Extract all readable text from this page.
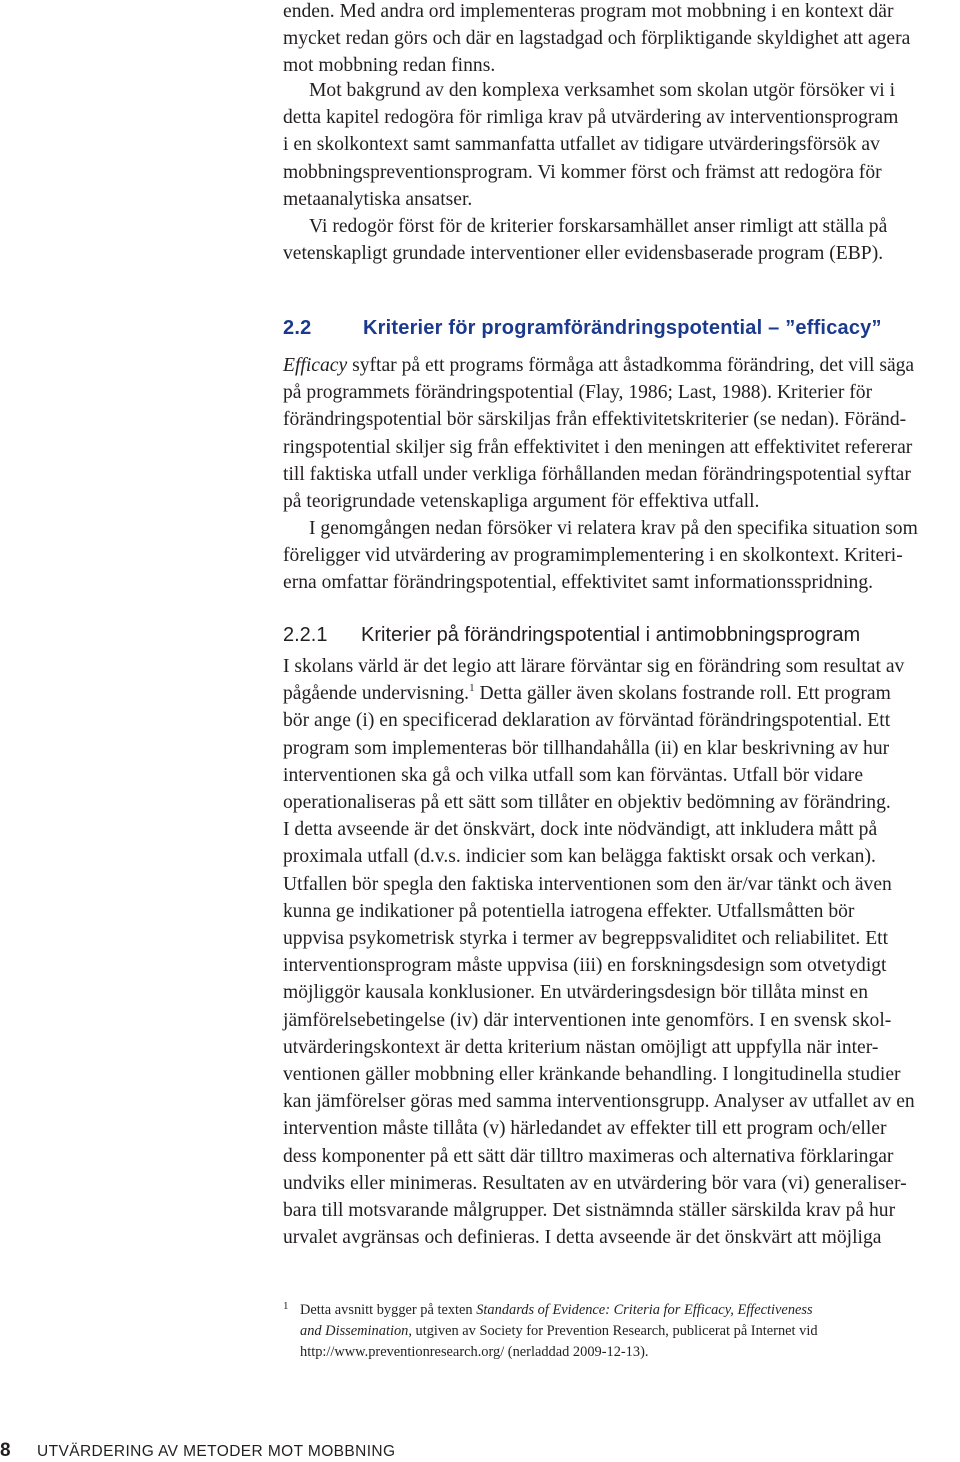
enden. Med andra ord implementeras program mot mobbning i en kontext där
mycket redan görs och där en lagstadgad och förpliktigande skyldighet att agera
mot mobbning redan finns.
Mot bakgrund av den komplexa verksamhet som skolan utgör försöker vi i
detta kapitel redogöra för rimliga krav på utvärdering av interventionsprogram
i en skolkontext samt sammanfatta utfallet av tidigare utvärderingsförsök av
mobbningspreventionsprogram. Vi kommer först och främst att redogöra för
metaanalytiska ansatser.
Vi redogör först för de kriterier forskarsamhället anser rimligt att ställa på
vetenskapligt grundade interventioner eller evidensbaserade program (EBP).
2.2	Kriterier för programförändringspotential – ”efficacy”
Efficacy syftar på ett programs förmåga att åstadkomma förändring, det vill säga
på programmets förändringspotential (Flay, 1986; Last, 1988). Kriterier för
förändringspotential bör särskiljas från effektivitetskriterier (se nedan). Föränd-
ringspotential skiljer sig från effektivitet i den meningen att effektivitet refererar
till faktiska utfall under verkliga förhållanden medan förändringspotential syftar
på teorigrundade vetenskapliga argument för effektiva utfall.
I genomgången nedan försöker vi relatera krav på den specifika situation som
föreligger vid utvärdering av programimplementering i en skolkontext. Kriteri-
erna omfattar förändringspotential, effektivitet samt informationsspridning.
2.2.1 Kriterier på förändringspotential i antimobbningsprogram
I skolans värld är det legio att lärare förväntar sig en förändring som resultat av
pågående undervisning.$^1$ Detta gäller även skolans fostrande roll. Ett program
bör ange (i) en specificerad deklaration av förväntad förändringspotential. Ett
program som implementeras bör tillhandahålla (ii) en klar beskrivning av hur
interventionen ska gå och vilka utfall som kan förväntas. Utfall bör vidare
operationaliseras på ett sätt som tillåter en objektiv bedömning av förändring.
I detta avseende är det önskvärt, dock inte nödvändigt, att inkludera mått på
proximala utfall (d.v.s. indicier som kan belägga faktiskt orsak och verkan).
Utfallen bör spegla den faktiska interventionen som den är/var tänkt och även
kunna ge indikationer på potentiella iatrogena effekter. Utfallsmåtten bör
uppvisa psykometrisk styrka i termer av begreppsvaliditet och reliabilitet. Ett
interventionsprogram måste uppvisa (iii) en forskningsdesign som otvetydigt
möjliggör kausala konklusioner. En utvärderingsdesign bör tillåta minst en
jämförelsebetingelse (iv) där interventionen inte genomförs. I en svensk skol-
utvärderingskontext är detta kriterium nästan omöjligt att uppfylla när inter-
ventionen gäller mobbning eller kränkande behandling. I longitudinella studier
kan jämförelser göras med samma interventionsgrupp. Analyser av utfallet av en
intervention måste tillåta (v) härledandet av effekter till ett program och/eller
dess komponenter på ett sätt där tilltro maximeras och alternativa förklaringar
undviks eller minimeras. Resultaten av en utvärdering bör vara (vi) generaliser-
bara till motsvarande målgrupper. Det sistnämnda ställer särskilda krav på hur
urvalet avgränsas och definieras. I detta avseende är det önskvärt att möjliga
1 Detta avsnitt bygger på texten Standards of Evidence: Criteria for Efficacy, Effectiveness
and Dissemination, utgiven av Society for Prevention Research, publicerat på Internet vid
http://www.preventionresearch.org/ (nerladdad 2009-12-13).
8 UTVÄRDERING AV METODER MOT MOBBNING
